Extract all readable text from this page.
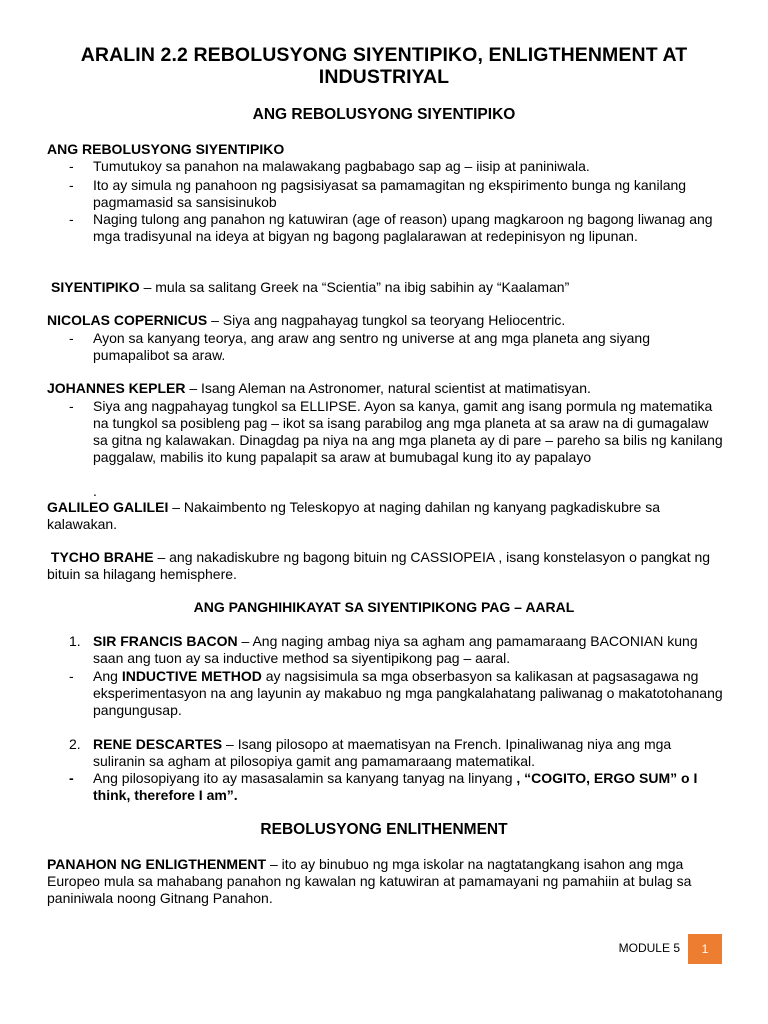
ARALIN 2.2 REBOLUSYONG SIYENTIPIKO, ENLIGTHENMENT AT INDUSTRIYAL
ANG REBOLUSYONG SIYENTIPIKO
ANG REBOLUSYONG SIYENTIPIKO
-	Tumutukoy sa panahon na malawakang pagbabago sap ag – iisip at paniniwala.
-	Ito ay simula ng panahoon ng pagsisiyasat sa pamamagitan ng ekspirimento bunga ng kanilang pagmamasid sa sansisinukob
-	Naging tulong ang panahon ng katuwiran (age of reason) upang magkaroon ng bagong liwanag ang mga tradisyunal na ideya at bigyan ng bagong paglalarawan at redepinisyon ng lipunan.
SIYENTIPIKO – mula sa salitang Greek na “Scientia” na ibig sabihin ay “Kaalaman”
NICOLAS COPERNICUS – Siya ang nagpahayag tungkol sa teoryang Heliocentric.
-	Ayon sa kanyang teorya, ang araw ang sentro ng universe at ang mga planeta ang siyang pumapalibot sa araw.
JOHANNES KEPLER – Isang Aleman na Astronomer, natural scientist at matimatisyan.
-	Siya ang nagpahayag tungkol sa ELLIPSE. Ayon sa kanya, gamit ang isang pormula ng matematika na tungkol sa posibleng pag – ikot sa isang parabilog ang mga planeta at sa araw na di gumagalaw sa gitna ng kalawakan. Dinagdag pa niya na ang mga planeta ay di pare – pareho sa bilis ng kanilang paggalaw, mabilis ito kung papalapit sa araw at bumubagal kung ito ay papalayo
.
GALILEO GALILEI – Nakaimbento ng Teleskopyo at naging dahilan ng kanyang pagkadiskubre sa kalawakan.
TYCHO BRAHE – ang nakadiskubre ng bagong bituin ng CASSIOPEIA , isang konstelasyon o pangkat ng bituin sa hilagang hemisphere.
ANG PANGHIHIKAYAT SA SIYENTIPIKONG PAG – AARAL
1. SIR FRANCIS BACON – Ang naging ambag niya sa agham ang pamamaraang BACONIAN kung saan ang tuon ay sa inductive method sa siyentipikong pag – aaral.
-	Ang INDUCTIVE METHOD ay nagsisimula sa mga obserbasyon sa kalikasan at pagsasagawa ng eksperimentasyon na ang layunin ay makabuo ng mga pangkalahatang paliwanag o makatotohanang pangungusap.
2. RENE DESCARTES – Isang pilosopo at maematisyan na French. Ipinaliwanag niya ang mga suliranin sa agham at pilosopiya gamit ang pamamaraang matematikal.
-	Ang pilosopiyang ito ay masasalamin sa kanyang tanyag na linyang , “COGITO, ERGO SUM” o I think, therefore I am”.
REBOLUSYONG ENLITHENMENT
PANAHON NG ENLIGTHENMENT – ito ay binubuo ng mga iskolar na nagtatangkang isahon ang mga Europeo mula sa mahabang panahon ng kawalan ng katuwiran at pamamayani ng pamahiin at bulag sa paniniwala noong Gitnang Panahon.
MODULE 5	1
